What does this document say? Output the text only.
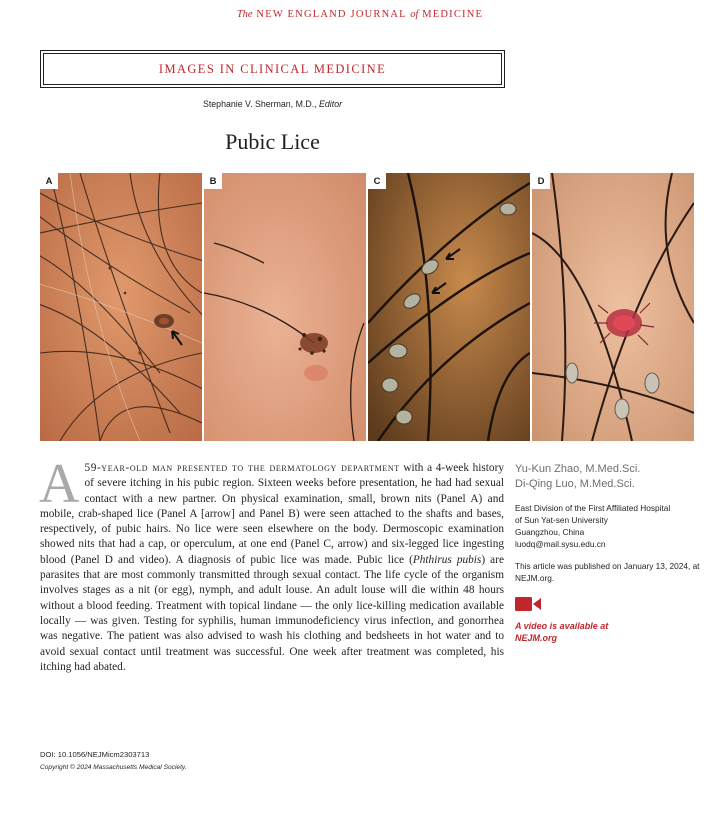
The NEW ENGLAND JOURNAL of MEDICINE
IMAGES IN CLINICAL MEDICINE
Stephanie V. Sherman, M.D., Editor
Pubic Lice
A	B	C	D
A 59-year-old man presented to the dermatology department with a 4-week history of severe itching in his pubic region. Sixteen weeks before presentation, he had had sexual contact with a new partner. On physical examination, small, brown nits (Panel A) and mobile, crab-shaped lice (Panel A [arrow] and Panel B) were seen attached to the shafts and bases, respectively, of pubic hairs. No lice were seen elsewhere on the body. Dermoscopic examination showed nits that had a cap, or operculum, at one end (Panel C, arrow) and six-legged lice ingesting blood (Panel D and video). A diagnosis of pubic lice was made. Pubic lice (Phthirus pubis) are parasites that are most commonly transmitted through sexual contact. The life cycle of the organism involves stages as a nit (or egg), nymph, and adult louse. An adult louse will die within 48 hours without a blood feeding. Treatment with topical lindane — the only lice-killing medication available locally — was given. Testing for syphilis, human immunodeficiency virus infection, and gonorrhea was negative. The patient was also advised to wash his clothing and bedsheets in hot water and to avoid sexual contact until treatment was successful. One week after treatment was completed, his itching had abated.
Yu-Kun Zhao, M.Med.Sci.
Di-Qing Luo, M.Med.Sci.
East Division of the First Affiliated Hospital
of Sun Yat-sen University
Guangzhou, China
luodq@mail.sysu.edu.cn
This article was published on January 13, 2024, at NEJM.org.
A video is available at NEJM.org
DOI: 10.1056/NEJMicm2303713
Copyright © 2024 Massachusetts Medical Society.
